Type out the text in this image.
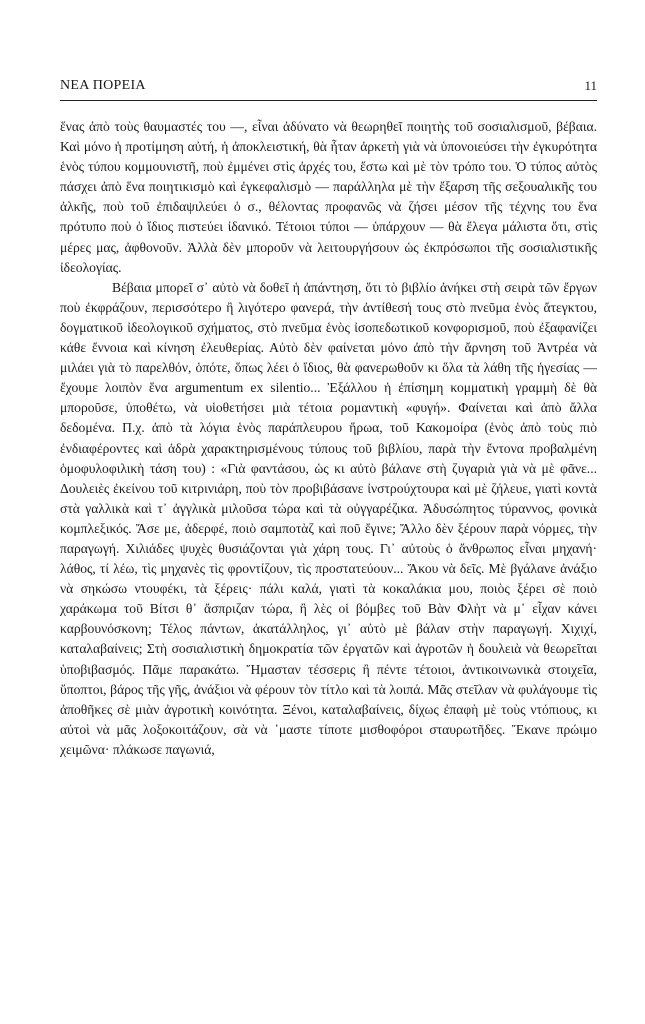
ΝΕΑ ΠΟΡΕΙΑ	11

ἕνας ἀπὸ τοὺς θαυμαστές του —, εἶναι ἀδύνατο νὰ θεωρηθεῖ ποιητὴς τοῦ σοσιαλισμοῦ, βέβαια. Καὶ μόνο ἡ προτίμηση αὐτή, ἡ ἀποκλειστική, θὰ ἦταν ἀρκετὴ γιὰ νὰ ὑπονοιεύσει τὴν ἐγκυρότητα ἑνὸς τύπου κομμουνιστῆ, ποὺ ἐμμένει στὶς ἀρχές του, ἔστω καὶ μὲ τὸν τρόπο του. Ὁ τύπος αὐτὸς πάσχει ἀπὸ ἕνα ποιητικισμὸ καὶ ἐγκεφαλισμὸ — παράλληλα μὲ τὴν ἔξαρση τῆς σεξουαλικῆς του ἀλκῆς, ποὺ τοῦ ἐπιδαψιλεύει ὁ σ., θέλοντας προφανῶς νὰ ζήσει μέσον τῆς τέχνης του ἕνα πρότυπο ποὺ ὁ ἴδιος πιστεύει ἰδανικό. Τέτοιοι τύποι — ὑπάρχουν — θὰ ἔλεγα μάλιστα ὅτι, στὶς μέρες μας, ἀφθονοῦν. Ἀλλὰ δὲν μποροῦν νὰ λειτουργήσουν ὡς ἐκπρόσωποι τῆς σοσιαλιστικῆς ἰδεολογίας.

Βέβαια μπορεῖ σ᾽ αὐτὸ νὰ δοθεῖ ἡ ἀπάντηση, ὅτι τὸ βιβλίο ἀνήκει στὴ σειρὰ τῶν ἔργων ποὺ ἐκφράζουν, περισσότερο ἢ λιγότερο φανερά, τὴν ἀντίθεσή τους στὸ πνεῦμα ἑνὸς ἄτεγκτου, δογματικοῦ ἰδεολογικοῦ σχήματος, στὸ πνεῦμα ἑνὸς ἰσοπεδωτικοῦ κονφορισμοῦ, ποὺ ἐξαφανίζει κάθε ἔννοια καὶ κίνηση ἐλευθερίας. Αὐτὸ δὲν φαίνεται μόνο ἀπὸ τὴν ἄρνηση τοῦ Ἀντρέα νὰ μιλάει γιὰ τὸ παρελθόν, ὁπότε, ὅπως λέει ὁ ἴδιος, θὰ φανερωθοῦν κι ὅλα τὰ λάθη τῆς ἡγεσίας — ἔχουμε λοιπὸν ἕνα argumentum ex silentio... Ἐξάλλου ἡ ἐπίσημη κομματικὴ γραμμὴ δὲ θὰ μποροῦσε, ὑποθέτω, νὰ υἱοθετήσει μιὰ τέτοια ρομαντικὴ «φυγή». Φαίνεται καὶ ἀπὸ ἄλλα δεδομένα. Π.χ. ἀπὸ τὰ λόγια ἑνὸς παράπλευρου ἥρωα, τοῦ Κακομοίρα (ἑνὸς ἀπὸ τοὺς πιὸ ἐνδιαφέροντες καὶ ἁδρὰ χαρακτηρισμένους τύπους τοῦ βιβλίου, παρὰ τὴν ἔντονα προβαλμένη ὁμοφυλοφιλικὴ τάση του) : «Γιὰ φαντάσου, ὡς κι αὐτὸ βάλανε στὴ ζυγαριὰ γιὰ νὰ μὲ φᾶνε... Δουλειὲς ἐκείνου τοῦ κιτρινιάρη, ποὺ τὸν προβιβάσανε ἰνστρούχτουρα καὶ μὲ ζήλευε, γιατὶ κοντὰ στὰ γαλλικὰ καὶ τ᾽ ἀγγλικὰ μιλοῦσα τώρα καὶ τὰ οὐγγαρέζικα. Ἀδυσώπητος τύραννος, φονικὰ κομπλεξικός. Ἄσε με, ἀδερφέ, ποιὸ σαμποτὰζ καὶ ποῦ ἔγινε; Ἄλλο δὲν ξέρουν παρὰ νόρμες, τὴν παραγωγή. Χιλιάδες ψυχὲς θυσιάζονται γιὰ χάρη τους. Γι᾽ αὐτοὺς ὁ ἄνθρωπος εἶναι μηχανή· λάθος, τί λέω, τὶς μηχανὲς τὶς φροντίζουν, τὶς προστατεύουν... Ἄκου νὰ δεῖς. Μὲ βγάλανε ἀνάξιο νὰ σηκώσω ντουφέκι, τὰ ξέρεις· πάλι καλά, γιατὶ τὰ κοκαλάκια μου, ποιὸς ξέρει σὲ ποιὸ χαράκωμα τοῦ Βίτσι θ᾽ ἄσπριζαν τώρα, ἢ λὲς οἱ βόμβες τοῦ Βὰν Φλὴτ νὰ μ᾽ εἶχαν κάνει καρβουνόσκονη; Τέλος πάντων, ἀκατάλληλος, γι᾽ αὐτὸ μὲ βάλαν στὴν παραγωγή. Χιχιχί, καταλαβαίνεις; Στὴ σοσιαλιστικὴ δημοκρατία τῶν ἐργατῶν καὶ ἀγροτῶν ἡ δουλειὰ νὰ θεωρεῖται ὑποβιβασμός. Πᾶμε παρακάτω. Ἤμασταν τέσσερις ἢ πέντε τέτοιοι, ἀντικοινωνικὰ στοιχεῖα, ὕποπτοι, βάρος τῆς γῆς, ἀνάξιοι νὰ φέρουν τὸν τίτλο καὶ τὰ λοιπά. Μᾶς στεῖλαν νὰ φυλάγουμε τὶς ἀποθῆκες σὲ μιὰν ἀγροτικὴ κοινότητα. Ξένοι, καταλαβαίνεις, δίχως ἐπαφὴ μὲ τοὺς ντόπιους, κι αὐτοὶ νὰ μᾶς λοξοκοιτάζουν, σὰ νὰ ᾽μαστε τίποτε μισθοφόροι σταυρωτῆδες. Ἔκανε πρώιμο χειμῶνα· πλάκωσε παγωνιά,
